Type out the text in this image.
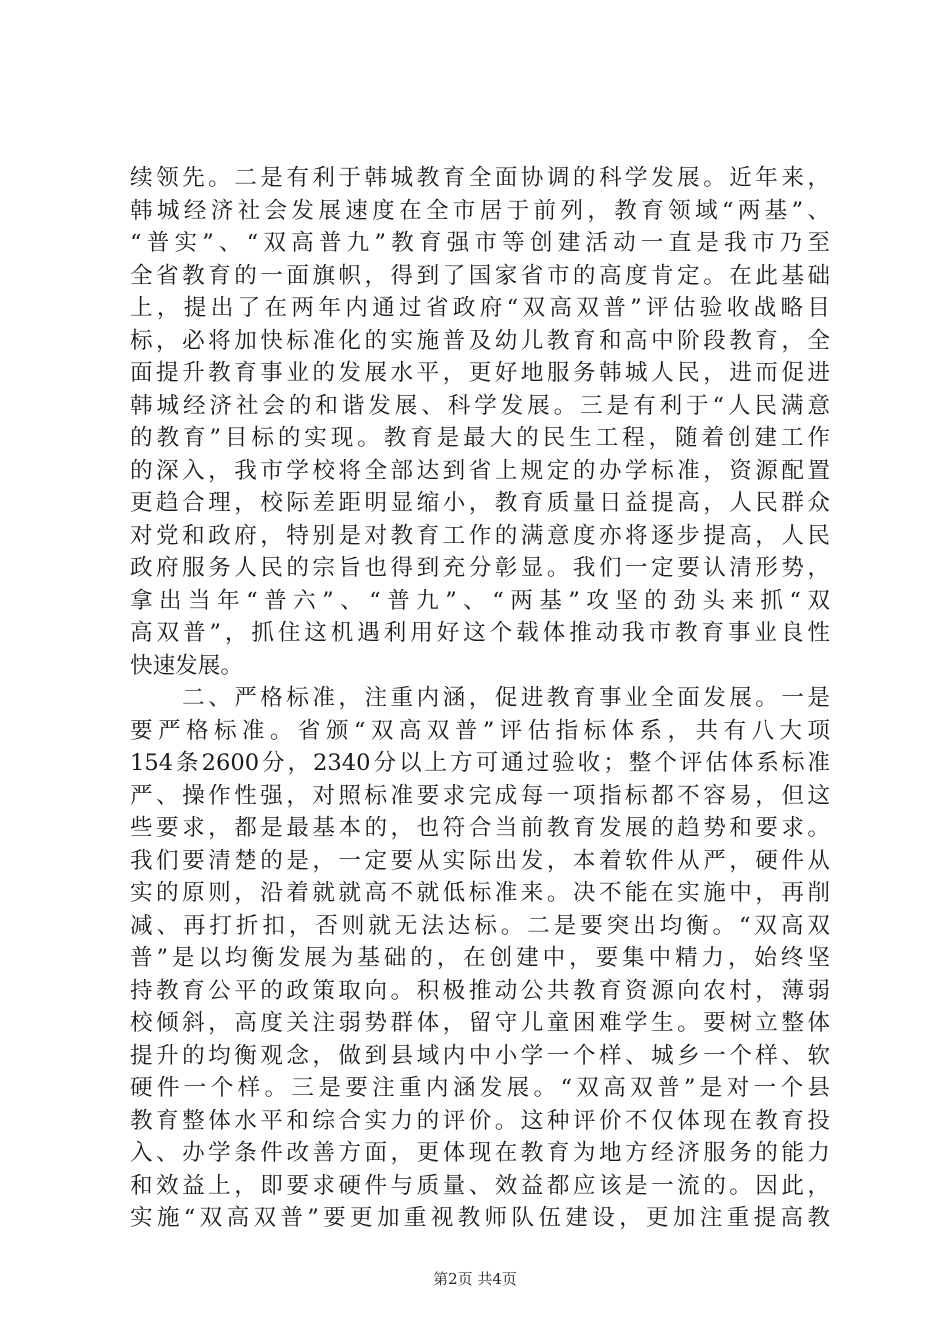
续领先。二是有利于韩城教育全面协调的科学发展。近年来，
韩城经济社会发展速度在全市居于前列，教育领域“两基”、
“普实”、“双高普九”教育强市等创建活动一直是我市乃至
全省教育的一面旗帜，得到了国家省市的高度肯定。在此基础
上，提出了在两年内通过省政府“双高双普”评估验收战略目
标，必将加快标准化的实施普及幼儿教育和高中阶段教育，全
面提升教育事业的发展水平，更好地服务韩城人民，进而促进
韩城经济社会的和谐发展、科学发展。三是有利于“人民满意
的教育”目标的实现。教育是最大的民生工程，随着创建工作
的深入，我市学校将全部达到省上规定的办学标准，资源配置
更趋合理，校际差距明显缩小，教育质量日益提高，人民群众
对党和政府，特别是对教育工作的满意度亦将逐步提高，人民
政府服务人民的宗旨也得到充分彰显。我们一定要认清形势，
拿出当年“普六”、“普九”、“两基”攻坚的劲头来抓“双
高双普”，抓住这机遇利用好这个载体推动我市教育事业良性
快速发展。
　　二、严格标准，注重内涵，促进教育事业全面发展。一是
要严格标准。省颁“双高双普”评估指标体系，共有八大项
154条2600分，2340分以上方可通过验收；整个评估体系标准
严、操作性强，对照标准要求完成每一项指标都不容易，但这
些要求，都是最基本的，也符合当前教育发展的趋势和要求。
我们要清楚的是，一定要从实际出发，本着软件从严，硬件从
实的原则，沿着就就高不就低标准来。决不能在实施中，再削
减、再打折扣，否则就无法达标。二是要突出均衡。“双高双
普”是以均衡发展为基础的，在创建中，要集中精力，始终坚
持教育公平的政策取向。积极推动公共教育资源向农村，薄弱
校倾斜，高度关注弱势群体，留守儿童困难学生。要树立整体
提升的均衡观念，做到县域内中小学一个样、城乡一个样、软
硬件一个样。三是要注重内涵发展。“双高双普”是对一个县
教育整体水平和综合实力的评价。这种评价不仅体现在教育投
入、办学条件改善方面，更体现在教育为地方经济服务的能力
和效益上，即要求硬件与质量、效益都应该是一流的。因此，
实施“双高双普”要更加重视教师队伍建设，更加注重提高教
第2页 共4页
